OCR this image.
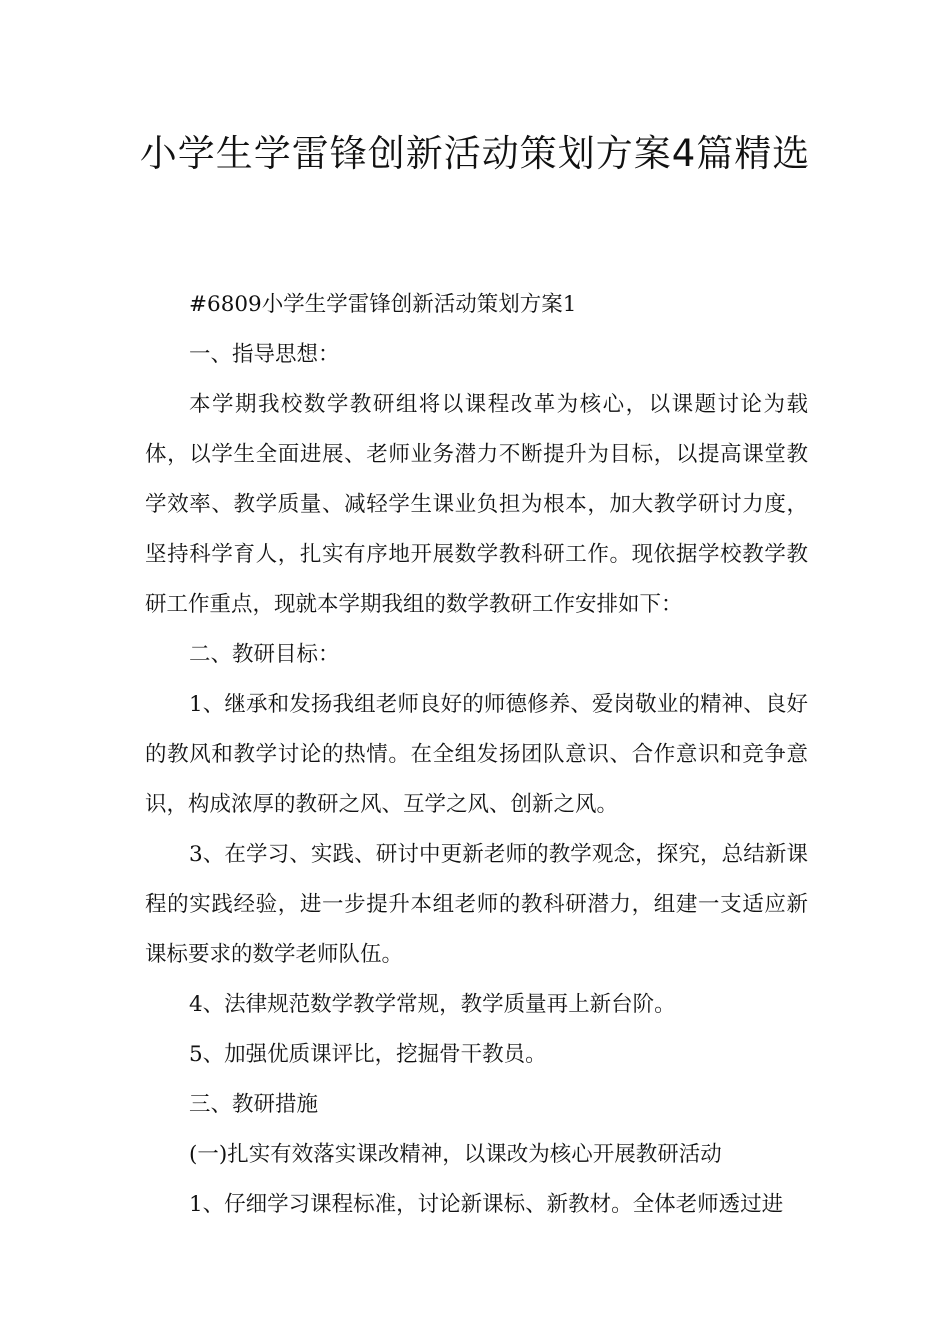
小学生学雷锋创新活动策划方案4篇精选

#6809小学生学雷锋创新活动策划方案1

一、指导思想：

本学期我校数学教研组将以课程改革为核心，以课题讨论为载体，以学生全面进展、老师业务潜力不断提升为目标，以提高课堂教学效率、教学质量、减轻学生课业负担为根本，加大教学研讨力度，坚持科学育人，扎实有序地开展数学教科研工作。现依据学校教学教研工作重点，现就本学期我组的数学教研工作安排如下：

二、教研目标：

1、继承和发扬我组老师良好的师德修养、爱岗敬业的精神、良好的教风和教学讨论的热情。在全组发扬团队意识、合作意识和竞争意识，构成浓厚的教研之风、互学之风、创新之风。

3、在学习、实践、研讨中更新老师的教学观念，探究，总结新课程的实践经验，进一步提升本组老师的教科研潜力，组建一支适应新课标要求的数学老师队伍。

4、法律规范数学教学常规，教学质量再上新台阶。

5、加强优质课评比，挖掘骨干教员。

三、教研措施

(一)扎实有效落实课改精神，以课改为核心开展教研活动

1、仔细学习课程标准，讨论新课标、新教材。全体老师透过进
